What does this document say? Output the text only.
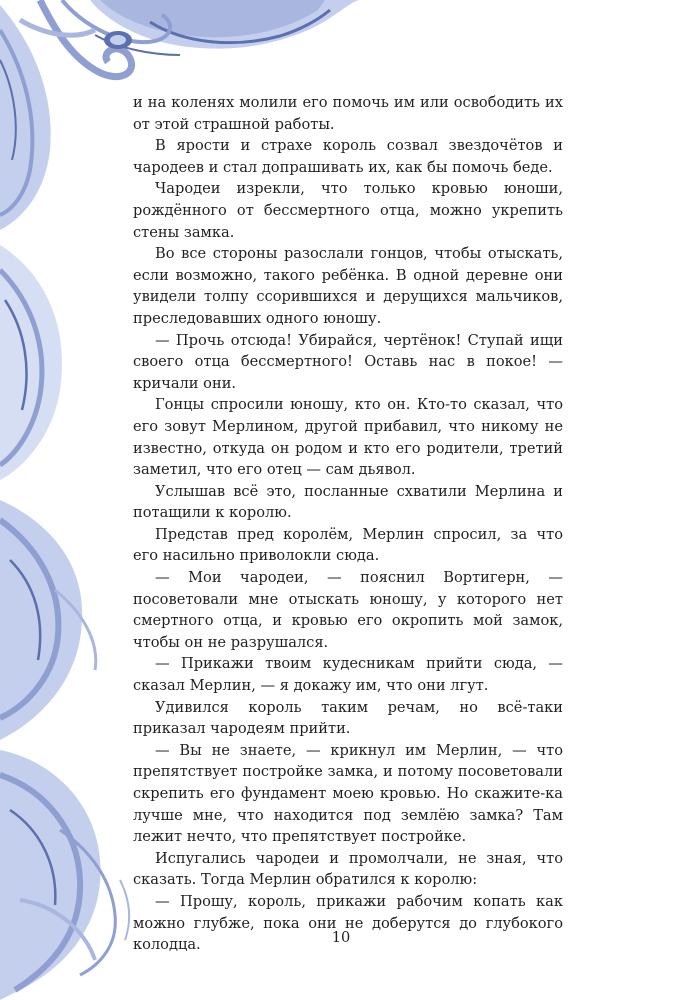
и на коленях молили его помочь им или освободить их от этой страшной работы.

В ярости и страхе король созвал звездочётов и чародеев и стал допрашивать их, как бы помочь беде.

Чародеи изрекли, что только кровью юноши, рождённого от бессмертного отца, можно укрепить стены замка.

Во все стороны разослали гонцов, чтобы отыскать, если возможно, такого ребёнка. В одной деревне они увидели толпу ссорившихся и дерущихся мальчиков, преследовавших одного юношу.

— Прочь отсюда! Убирайся, чертёнок! Ступай ищи своего отца бессмертного! Оставь нас в покое! — кричали они.

Гонцы спросили юношу, кто он. Кто-то сказал, что его зовут Мерлином, другой прибавил, что никому не известно, откуда он родом и кто его родители, третий заметил, что его отец — сам дьявол.

Услышав всё это, посланные схватили Мерлина и потащили к королю.

Представ пред королём, Мерлин спросил, за что его насильно приволокли сюда.

— Мои чародеи, — пояснил Вортигерн, — посоветовали мне отыскать юношу, у которого нет смертного отца, и кровью его окропить мой замок, чтобы он не разрушался.

— Прикажи твоим кудесникам прийти сюда, — сказал Мерлин, — я докажу им, что они лгут.

Удивился король таким речам, но всё-таки приказал чародеям прийти.

— Вы не знаете, — крикнул им Мерлин, — что препятствует постройке замка, и потому посоветовали скрепить его фундамент моею кровью. Но скажите-ка лучше мне, что находится под землёю замка? Там лежит нечто, что препятствует постройке.

Испугались чародеи и промолчали, не зная, что сказать. Тогда Мерлин обратился к королю:

— Прошу, король, прикажи рабочим копать как можно глубже, пока они не доберутся до глубокого колодца.	10
